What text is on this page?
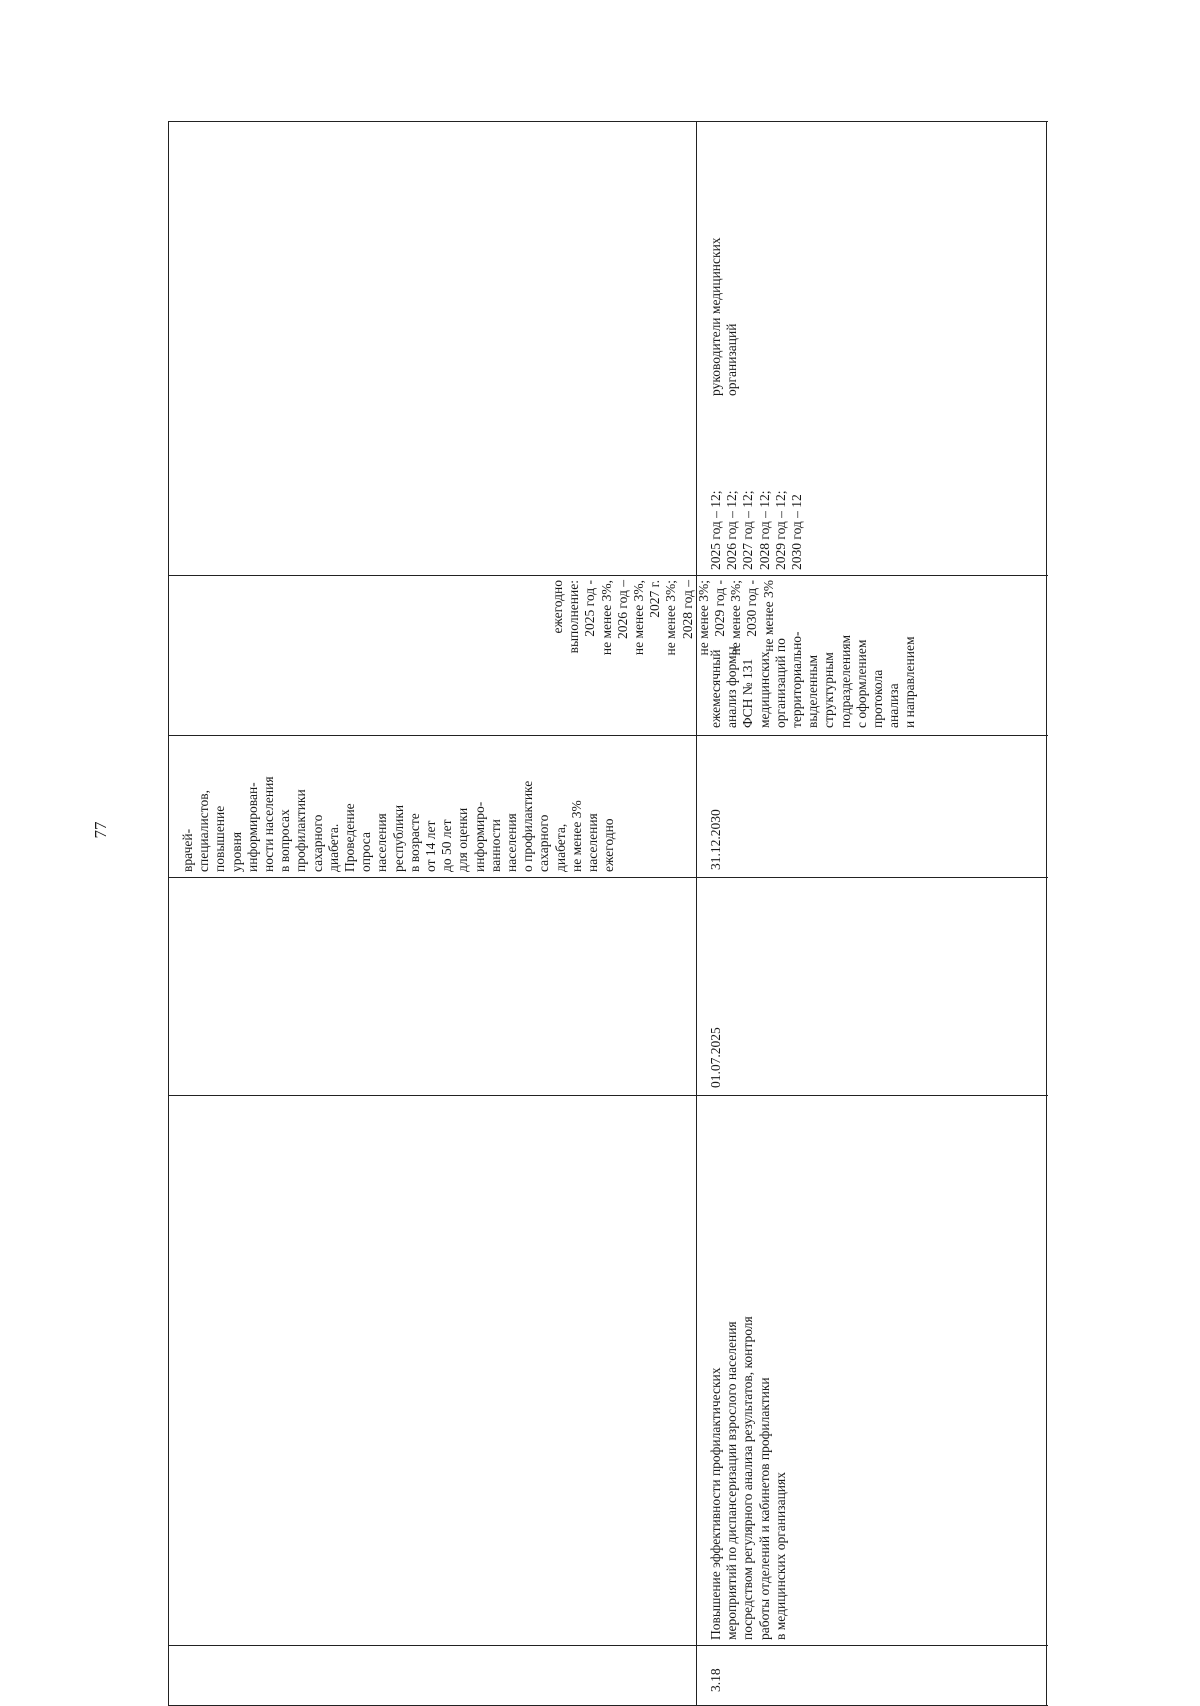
77	врачей- специалистов, повышение уровня информирован- ности населения в вопросах профилактики сахарного диабета. Проведение опроса населения республики в возрасте от 14 лет до 50 лет для оценки информиро- ванности населения о профилактике сахарного диабета, не менее 3% населения ежегодно
ежегодно выполнение: 2025 год - не менее 3%, 2026 год – не менее 3%, 2027 г. не менее 3%; 2028 год – не менее 3%; 2029 год - не менее 3%; 2030 год - не менее 3%
3.18
Повышение эффективности профилактических мероприятий по диспансеризации взрослого населения посредством регулярного анализа результатов, контроля работы отделений и кабинетов профилактики в медицинских организациях
01.07.2025
31.12.2030
ежемесячный анализ формы ФСН № 131 медицинских организаций по территориально- выделенным структурным подразделениям с оформлением протокола анализа и направлением
2025 год – 12; 2026 год – 12; 2027 год – 12; 2028 год – 12; 2029 год – 12; 2030 год – 12
руководители медицинских организаций
